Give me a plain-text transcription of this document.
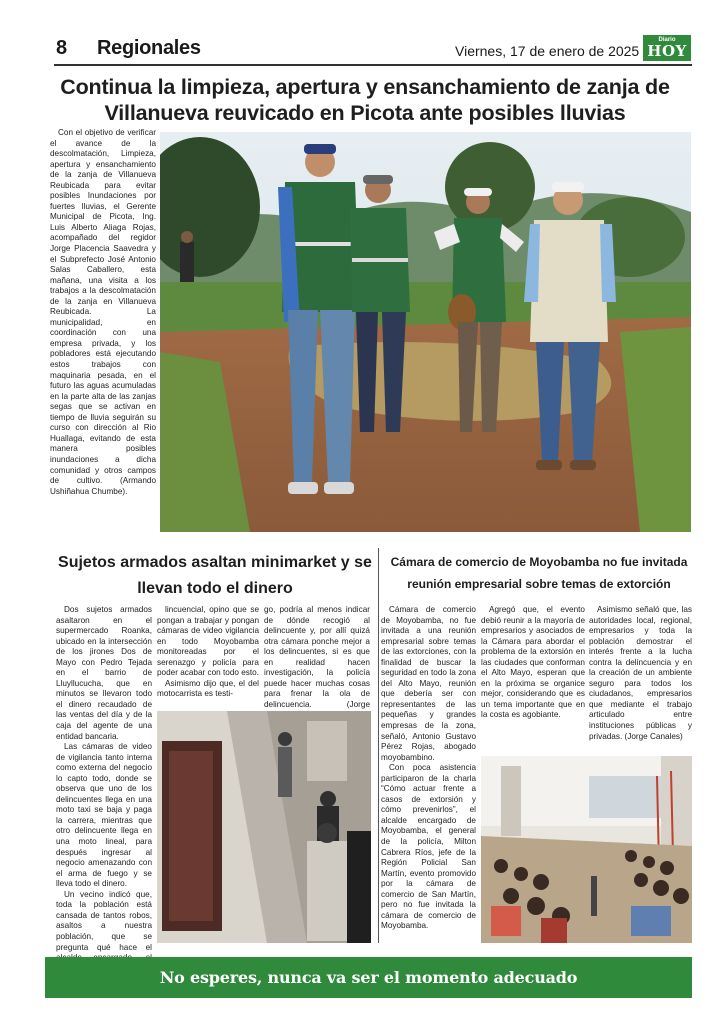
8 Regionales	Viernes, 17 de enero de 2025
Diario
HOY
Continua la limpieza, apertura y ensanchamiento de zanja de Villanueva reuvicado en Picota ante posibles lluvias
Con el objetivo de verificar el avance de la descolmatación, Limpieza, apertura y ensanchamiento de la zanja de Villanueva Reubicada para evitar posibles Inundaciones por fuertes lluvias, el Gerente Municipal de Picota, Ing. Luis Alberto Aliaga Rojas, acompañado del regidor Jorge Placencia Saavedra y el Subprefecto José Antonio Salas Caballero, esta mañana, una visita a los trabajos a la descolmatación de la zanja en Villanueva Reubicada. La municipalidad, en coordinación con una empresa privada, y los pobladores está ejecutando estos trabajos con maquinaria pesada, en el futuro las aguas acumuladas en la parte alta de las zanjas segas que se activan en tiempo de lluvia seguirán su curso con dirección al Rio Huallaga, evitando de esta manera posibles inundaciones a dicha comunidad y otros campos de cultivo. (Armando Ushiñahua Chumbe).
Sujetos armados asaltan minimarket y se llevan todo el dinero
Cámara de comercio de Moyobamba no fue invitada reunión empresarial sobre temas de extorción

Dos sujetos armados asaltaron en el supermercado Roanka, ubicado en la intersección de los jirones Dos de Mayo con Pedro Tejada en el barrio de Lluyllucucha, que en minutos se llevaron todo el dinero recaudado de las ventas del día y de la caja del agente de una entidad bancaria.

Las cámaras de video de vigilancia tanto interna como externa del negocio lo capto todo, donde se observa que uno de los delincuentes llega en una moto taxi se baja y paga la carrera, mientras que otro delincuente llega en una moto lineal, para después ingresar al negocio amenazando con el arma de fuego y se lleva todo el dinero.

Un vecino indicó que, toda la población está cansada de tantos robos, asaltos a nuestra población, que se pregunta qué hace el

lincuencial, opino que se pongan a trabajar y pongan cámaras de video vigilancia en todo Moyobamba monitoreadas por el serenazgo y policía para poder acabar con todo esto.

Asimismo dijo que, el del motocarrista es testi-

go, podría al menos indicar de dónde recogió al delincuente y, por allí quizá otra cámara ponche mejor a los delincuentes, si es que en realidad hacen investigación, la policía puede hacer muchas cosas para frenar la ola de delincuencia. (Jorge

Cámara de comercio de Moyobamba, no fue invitada a una reunión empresarial sobre temas de las extorciones, con la finalidad de buscar la seguridad en todo la zona del Alto Mayo, reunión que debería ser con representantes de las pequeñas y grandes empresas de la zona, señaló, Antonio Gustavo Pérez Rojas, abogado moyobambino.

Con poca asistencia participaron de la charla “Cómo actuar frente a casos de extorsión y cómo prevenirlos”, el alcalde encargado de Moyobamba, el general de la policía, Milton Cabrera Ríos, jefe de la Región Policial San Martín, evento promovido por la cámara de comercio de San Martín, pero no fue invitada la cámara de comercio de Moyobamba.

Agregó que, el evento debió reunir a la mayoría de empresarios y asociados de la Cámara para abordar el problema de la extorsión en las ciudades que conforman el Alto Mayo, esperan que en la próxima se organice mejor, considerando que es un tema importante que en la costa es agobiante.

Asimismo señaló que, las autoridades local, regional, empresarios y toda la población demostrar el interés frente a la lucha contra la delincuencia y en la creación de un ambiente seguro para todos los ciudadanos, empresarios que mediante el trabajo articulado entre instituciones públicas y privadas. (Jorge Canales)

No esperes, nunca va ser el momento adecuado
